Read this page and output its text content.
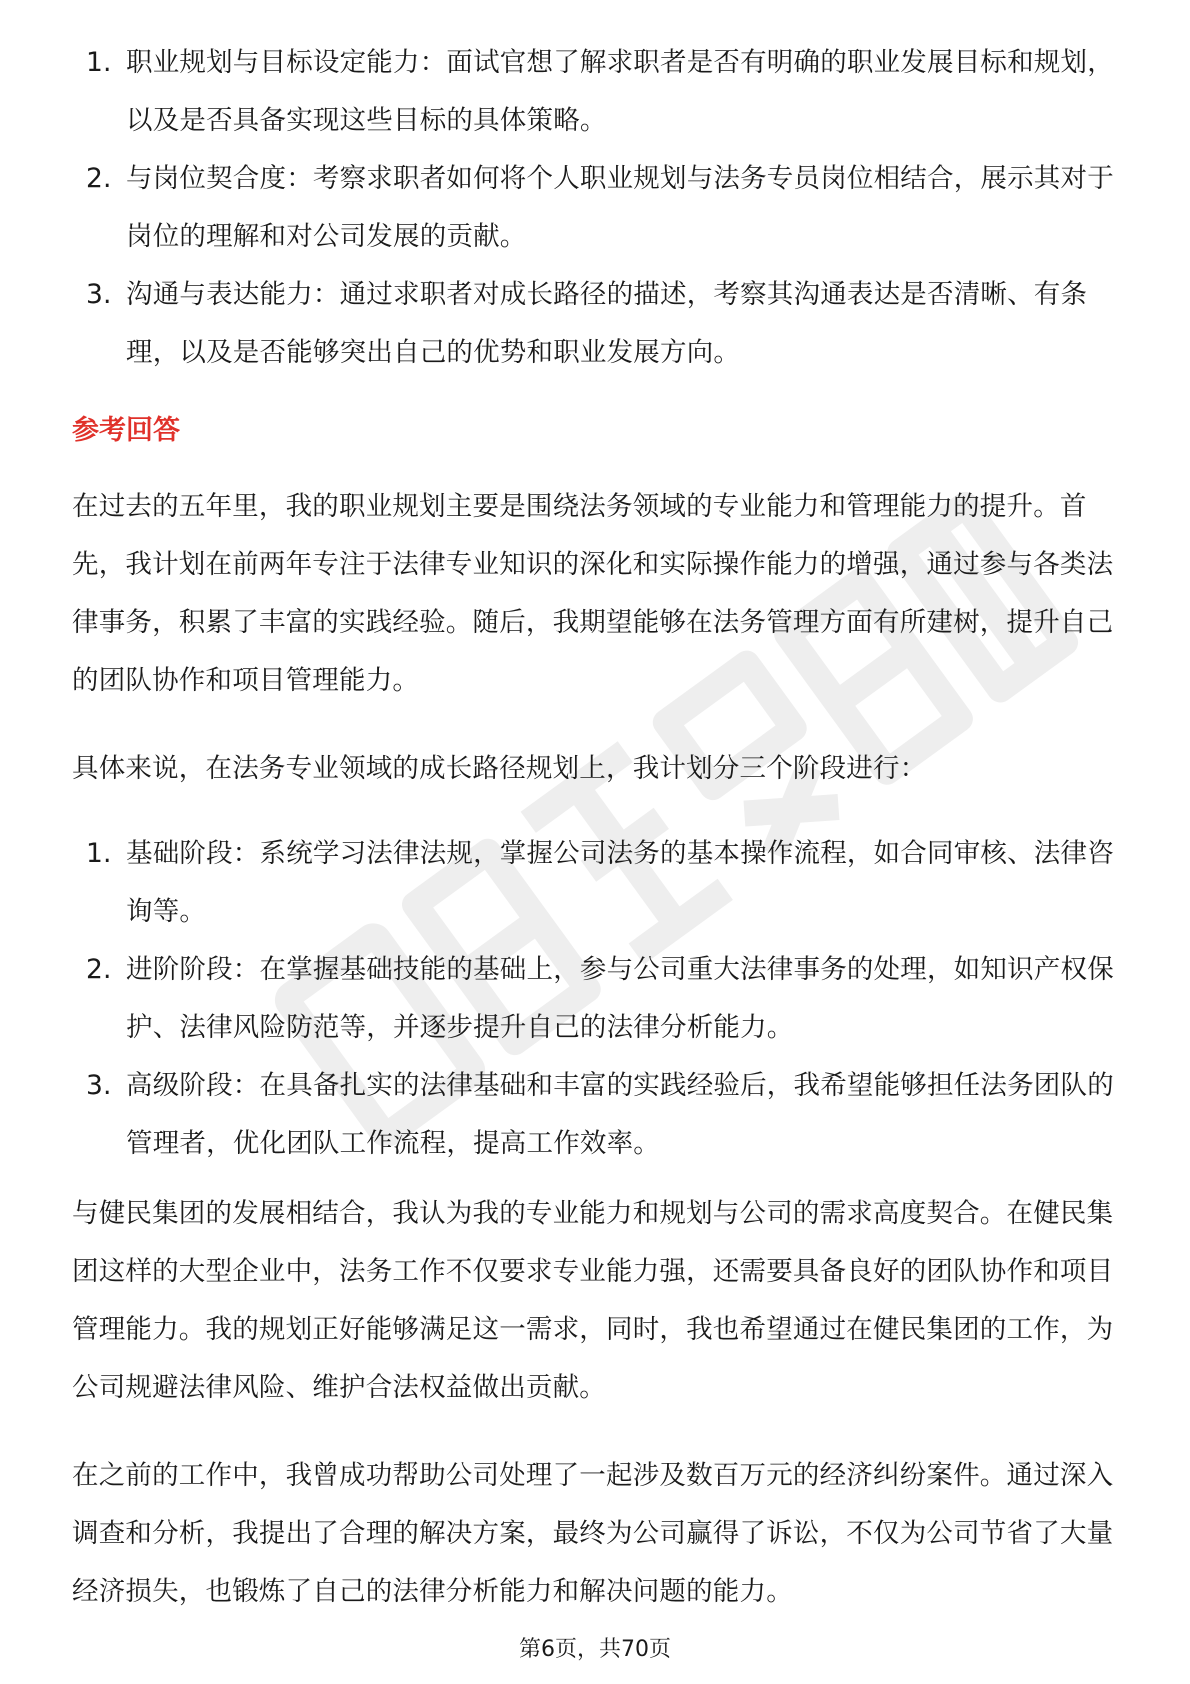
1. 职业规划与目标设定能力：面试官想了解求职者是否有明确的职业发展目标和规划，以及是否具备实现这些目标的具体策略。
2. 与岗位契合度：考察求职者如何将个人职业规划与法务专员岗位相结合，展示其对于岗位的理解和对公司发展的贡献。
3. 沟通与表达能力：通过求职者对成长路径的描述，考察其沟通表达是否清晰、有条理，以及是否能够突出自己的优势和职业发展方向。
参考回答

在过去的五年里，我的职业规划主要是围绕法务领域的专业能力和管理能力的提升。首先，我计划在前两年专注于法律专业知识的深化和实际操作能力的增强，通过参与各类法律事务，积累了丰富的实践经验。随后，我期望能够在法务管理方面有所建树，提升自己的团队协作和项目管理能力。

具体来说，在法务专业领域的成长路径规划上，我计划分三个阶段进行：

1. 基础阶段：系统学习法律法规，掌握公司法务的基本操作流程，如合同审核、法律咨询等。
2. 进阶阶段：在掌握基础技能的基础上，参与公司重大法律事务的处理，如知识产权保护、法律风险防范等，并逐步提升自己的法律分析能力。
3. 高级阶段：在具备扎实的法律基础和丰富的实践经验后，我希望能够担任法务团队的管理者，优化团队工作流程，提高工作效率。

与健民集团的发展相结合，我认为我的专业能力和规划与公司的需求高度契合。在健民集团这样的大型企业中，法务工作不仅要求专业能力强，还需要具备良好的团队协作和项目管理能力。我的规划正好能够满足这一需求，同时，我也希望通过在健民集团的工作，为公司规避法律风险、维护合法权益做出贡献。

在之前的工作中，我曾成功帮助公司处理了一起涉及数百万元的经济纠纷案件。通过深入调查和分析，我提出了合理的解决方案，最终为公司赢得了诉讼，不仅为公司节省了大量经济损失，也锻炼了自己的法律分析能力和解决问题的能力。

第6页，共70页
